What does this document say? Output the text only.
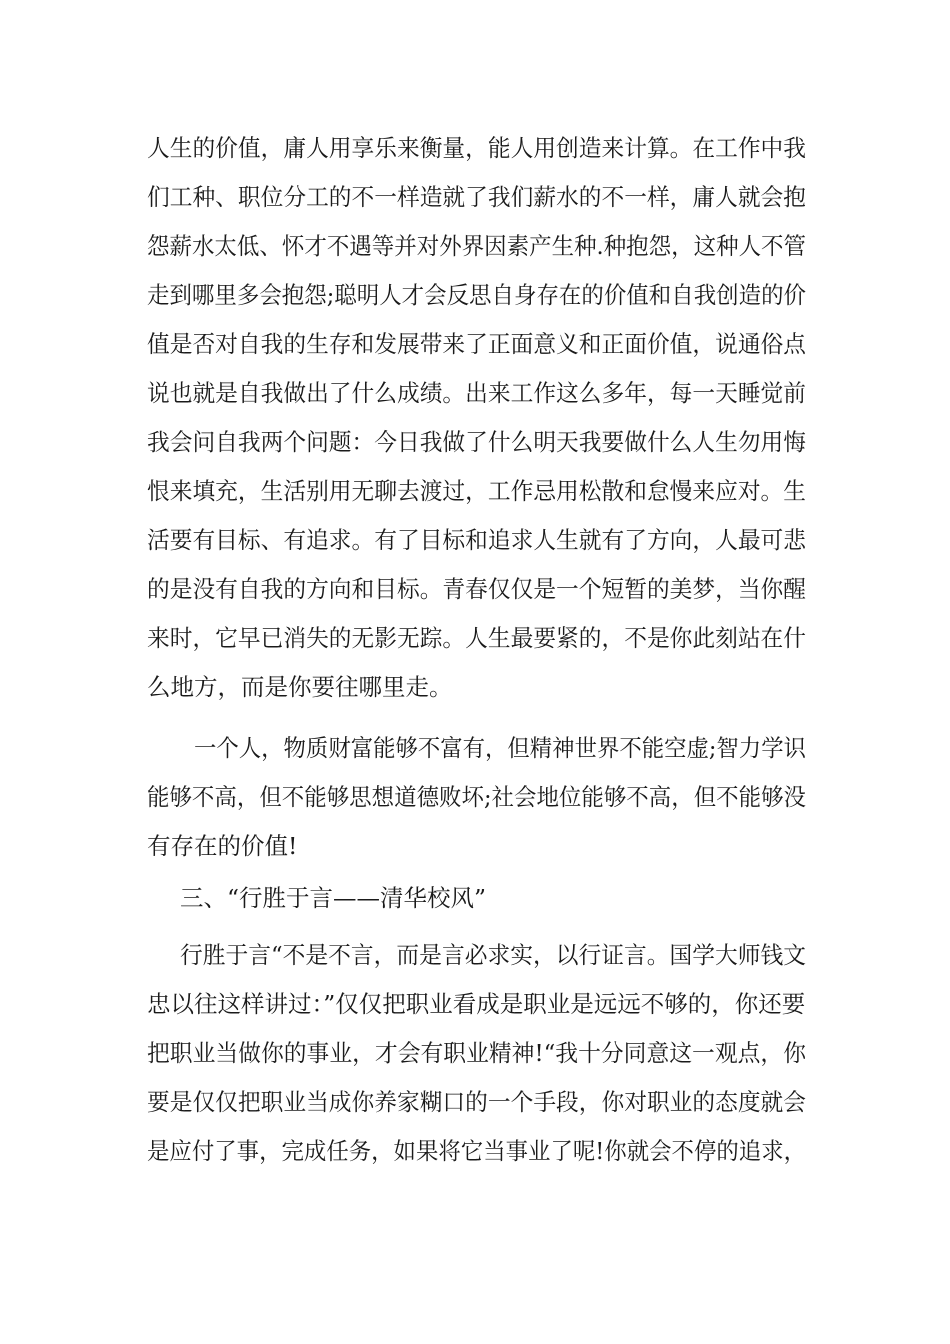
人生的价值，庸人用享乐来衡量，能人用创造来计算。在工作中我
们工种、职位分工的不一样造就了我们薪水的不一样，庸人就会抱
怨薪水太低、怀才不遇等并对外界因素产生种.种抱怨，这种人不管
走到哪里多会抱怨;聪明人才会反思自身存在的价值和自我创造的价
值是否对自我的生存和发展带来了正面意义和正面价值，说通俗点
说也就是自我做出了什么成绩。出来工作这么多年，每一天睡觉前
我会问自我两个问题：今日我做了什么明天我要做什么人生勿用悔
恨来填充，生活别用无聊去渡过，工作忌用松散和怠慢来应对。生
活要有目标、有追求。有了目标和追求人生就有了方向，人最可悲
的是没有自我的方向和目标。青春仅仅是一个短暂的美梦，当你醒
来时，它早已消失的无影无踪。人生最要紧的，不是你此刻站在什
么地方，而是你要往哪里走。
一个人，物质财富能够不富有，但精神世界不能空虚;智力学识
能够不高，但不能够思想道德败坏;社会地位能够不高，但不能够没
有存在的价值!
三、“行胜于言——清华校风”
行胜于言“不是不言，而是言必求实，以行证言。国学大师钱文
忠以往这样讲过：”仅仅把职业看成是职业是远远不够的，你还要
把职业当做你的事业，才会有职业精神!“我十分同意这一观点，你
要是仅仅把职业当成你养家糊口的一个手段，你对职业的态度就会
是应付了事，完成任务，如果将它当事业了呢!你就会不停的追求，
